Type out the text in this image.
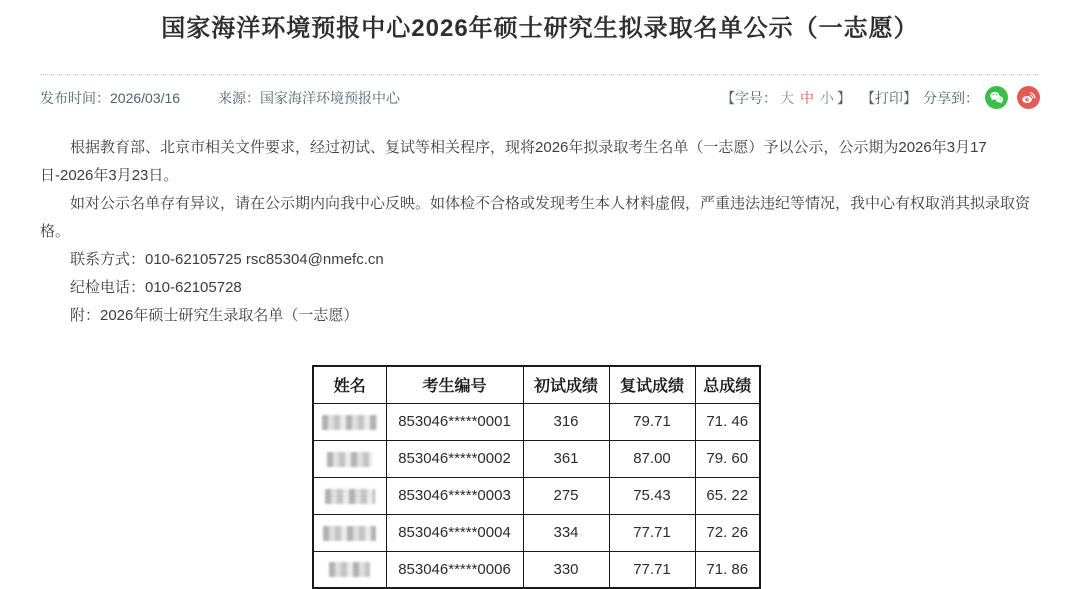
国家海洋环境预报中心2026年硕士研究生拟录取名单公示（一志愿）
发布时间：2026/03/16	来源：国家海洋环境预报中心	【字号： 大 中 小 】 【打印】 分享到：

根据教育部、北京市相关文件要求，经过初试、复试等相关程序，现将2026年拟录取考生名单（一志愿）予以公示，公示期为2026年3月17日-2026年3月23日。

如对公示名单存有异议，请在公示期内向我中心反映。如体检不合格或发现考生本人材料虚假，严重违法违纪等情况，我中心有权取消其拟录取资格。

联系方式：010-62105725 rsc85304@nmefc.cn

纪检电话：010-62105728

附：2026年硕士研究生录取名单（一志愿）

姓名	考生编号	初试成绩	复试成绩	总成绩
	853046*****0001	316	79.71	71. 46
	853046*****0002	361	87.00	79. 60
	853046*****0003	275	75.43	65. 22
	853046*****0004	334	77.71	72. 26
	853046*****0006	330	77.71	71. 86
